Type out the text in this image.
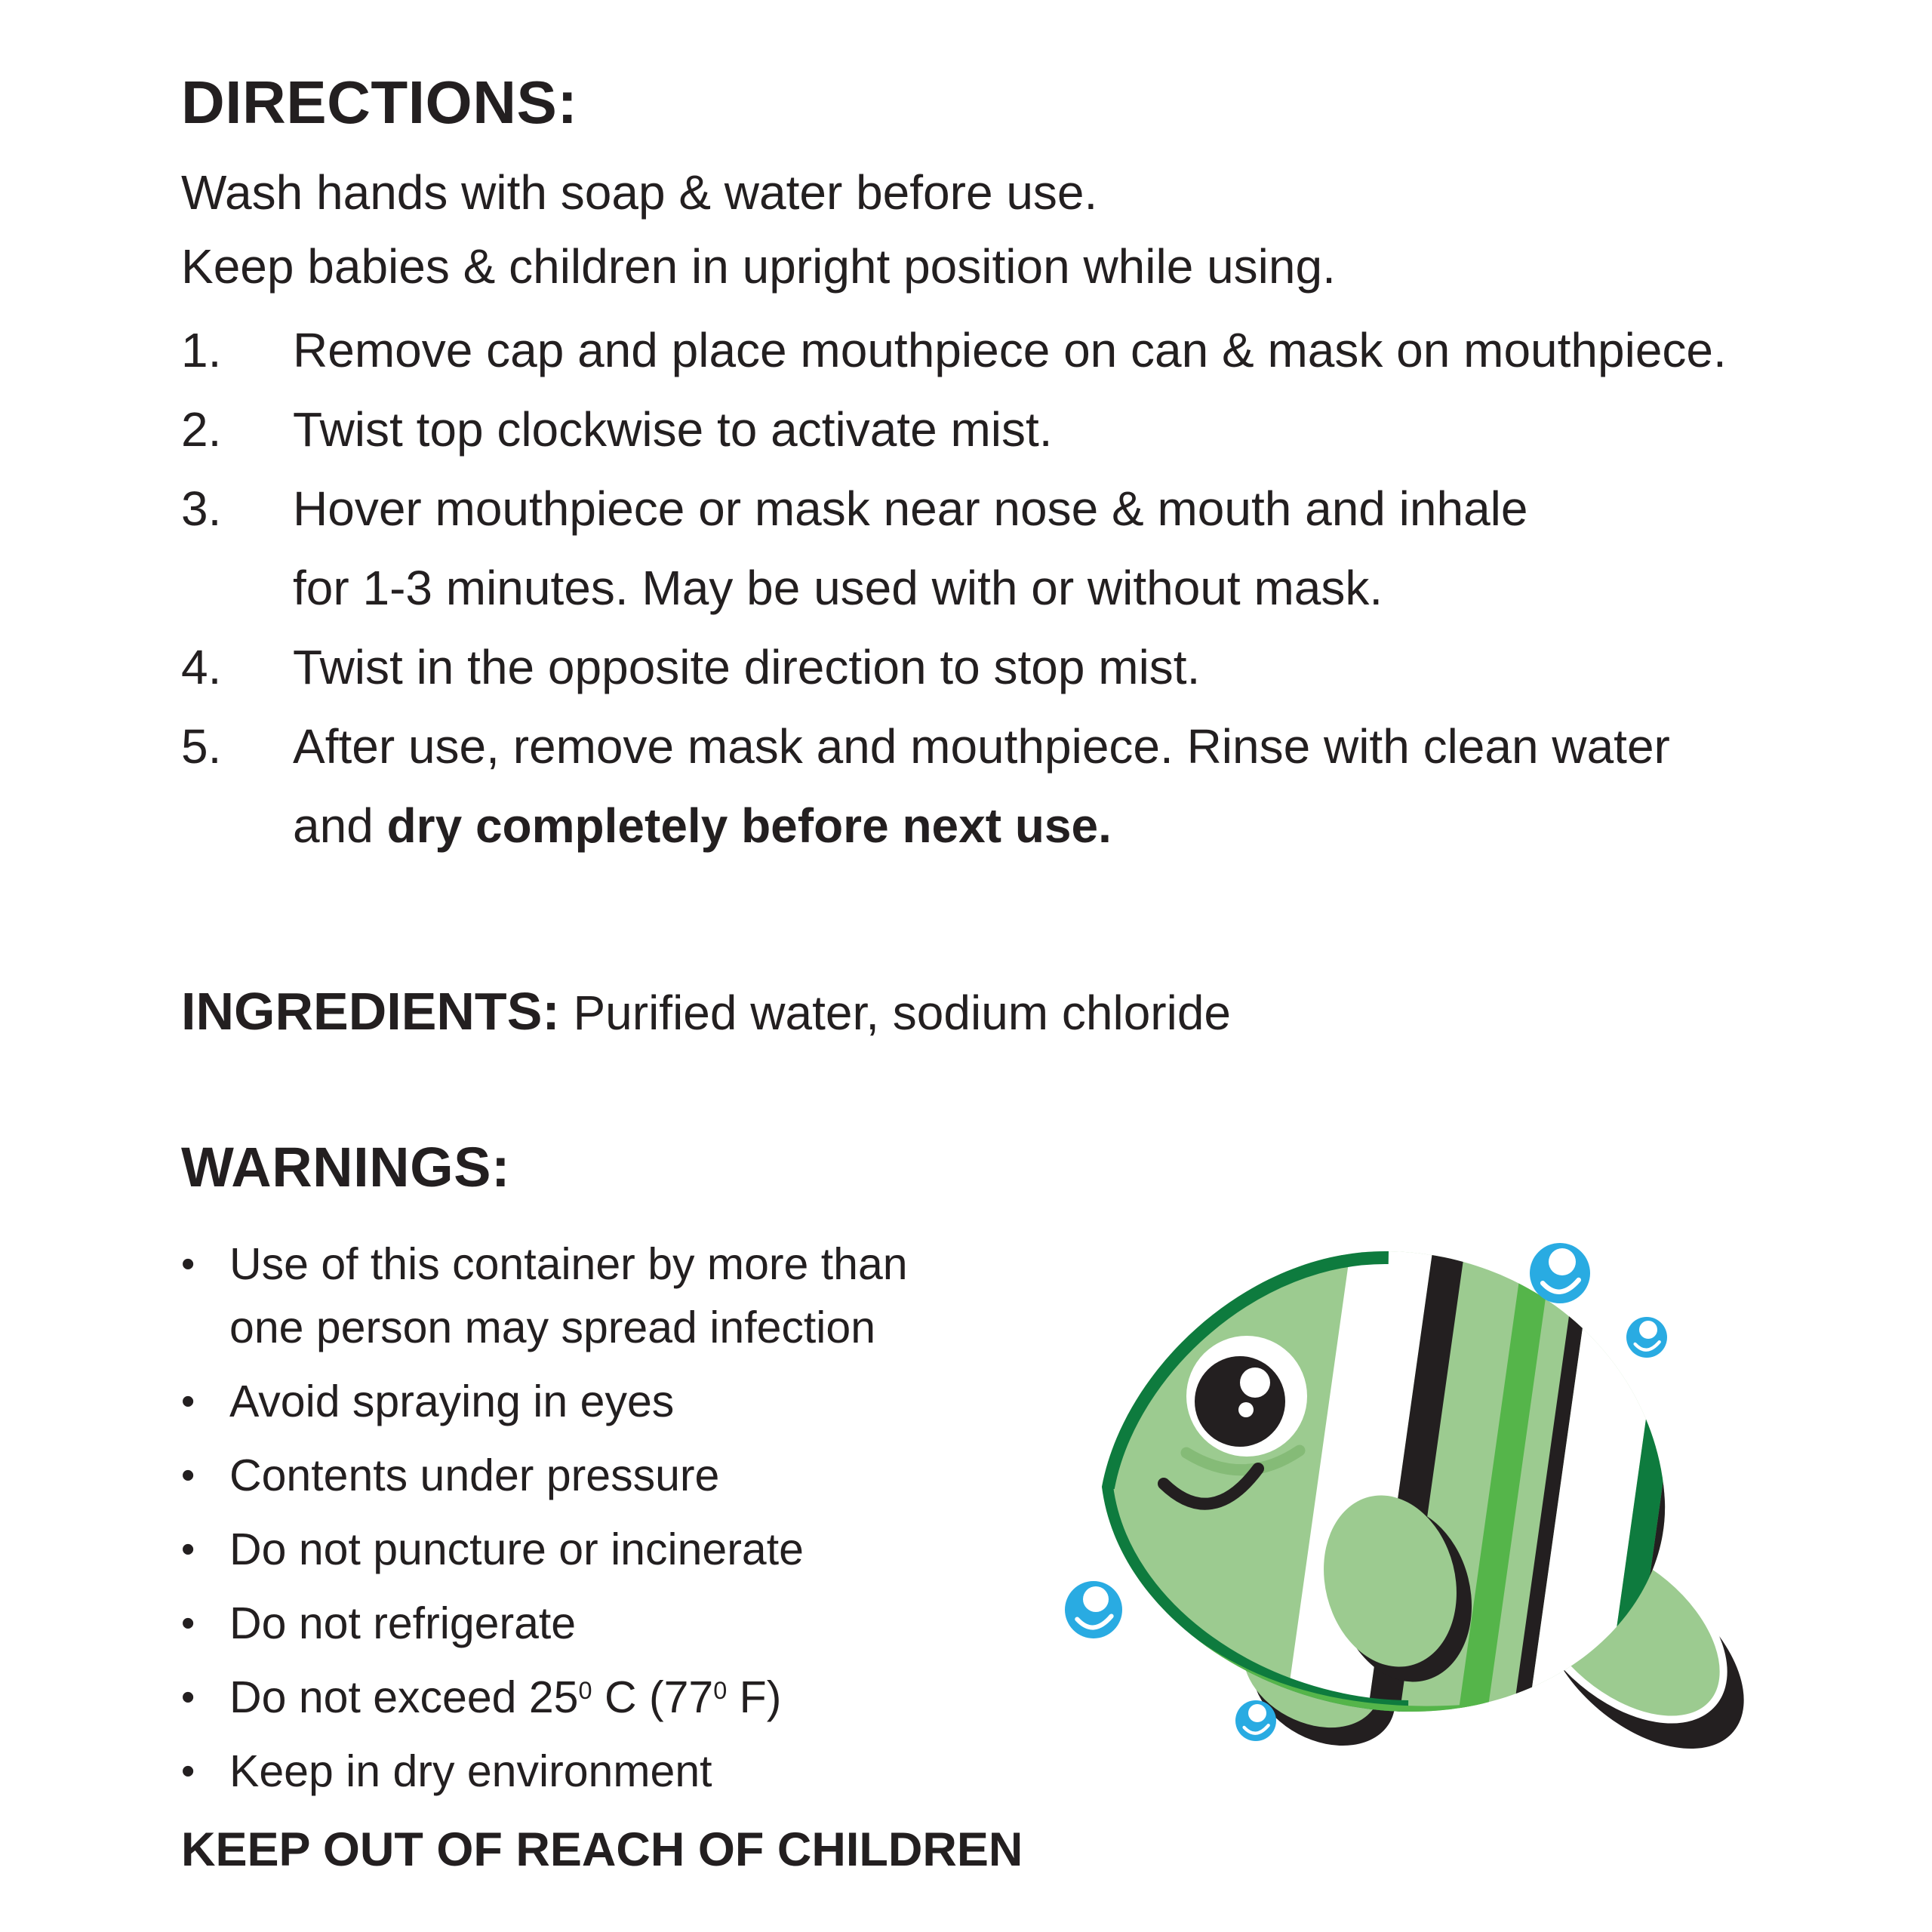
DIRECTIONS:

Wash hands with soap & water before use.

Keep babies & children in upright position while using.

1.	Remove cap and place mouthpiece on can & mask on mouthpiece.
2.	Twist top clockwise to activate mist.
3.	Hover mouthpiece or mask near nose & mouth and inhale
for 1-3 minutes. May be used with or without mask.
4.	Twist in the opposite direction to stop mist.
5.	After use, remove mask and mouthpiece. Rinse with clean water
and dry completely before next use.

INGREDIENTS: Purified water, sodium chloride

WARNINGS:
• Use of this container by more than
one person may spread infection
• Avoid spraying in eyes
• Contents under pressure
• Do not puncture or incinerate
• Do not refrigerate
• Do not exceed $25^0$ C ($77^0$ F)
• Keep in dry environment

KEEP OUT OF REACH OF CHILDREN
